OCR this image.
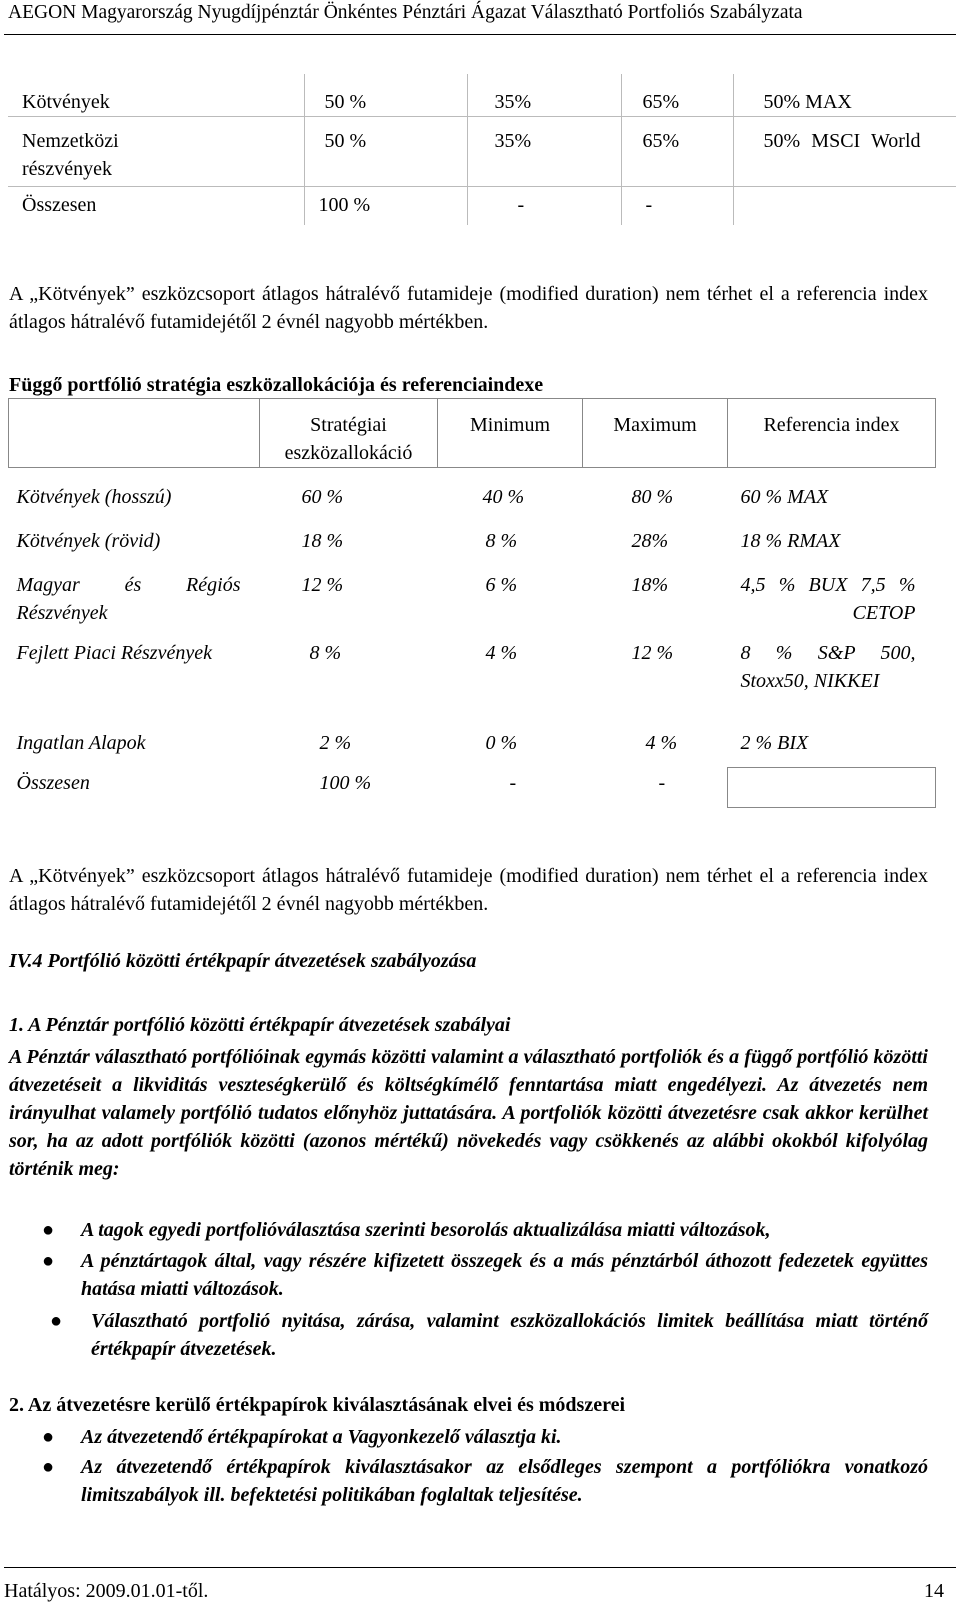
AEGON Magyarország Nyugdíjpénztár Önkéntes Pénztári Ágazat Választható Portfoliós Szabályzata
Kötvények	50 %	35%	65%	50% MAX

Nemzetközi részvények	50 %	35%	65%	50% MSCI World

Összesen	100 %	-	-	
A „Kötvények” eszközcsoport átlagos hátralévő futamideje (modified duration) nem térhet el a referencia index átlagos hátralévő futamidejétől 2 évnél nagyobb mértékben.
Függő portfólió stratégia eszközallokációja és referenciaindexe

	Stratégiai eszközallokáció	Minimum	Maximum	Referencia index
Kötvények (hosszú)	60 %	40 %	80 %	60 % MAX
Kötvények (rövid)	18 %	8 %	28%	18 % RMAX

Magyar és Régiós Részvények	12 %	6 %	18%	4,5 % BUX 7,5 % CETOP

Fejlett Piaci Részvények	8 %	4 %	12 %	8 % S&P 500, Stoxx50, NIKKEI

Ingatlan Alapok	2 %	0 %	4 %	2 % BIX
Összesen	100 %	-	-	
A „Kötvények” eszközcsoport átlagos hátralévő futamideje (modified duration) nem térhet el a referencia index átlagos hátralévő futamidejétől 2 évnél nagyobb mértékben.
IV.4 Portfólió közötti értékpapír átvezetések szabályozása
1. A Pénztár portfólió közötti értékpapír átvezetések szabályai
A Pénztár választható portfólióinak egymás közötti valamint a választható portfoliók és a függő portfólió közötti átvezetéseit a likviditás veszteségkerülő és költségkímélő fenntartása miatt engedélyezi. Az átvezetés nem irányulhat valamely portfólió tudatos előnyhöz juttatására. A portfoliók közötti átvezetésre csak akkor kerülhet sor, ha az adott portfóliók közötti (azonos mértékű) növekedés vagy csökkenés az alábbi okokból kifolyólag történik meg:
● A tagok egyedi portfolióválasztása szerinti besorolás aktualizálása miatti változások,
● A pénztártagok által, vagy részére kifizetett összegek és a más pénztárból áthozott fedezetek együttes hatása miatti változások.
● Választható portfolió nyitása, zárása, valamint eszközallokációs limitek beállítása miatt történő értékpapír átvezetések.
2. Az átvezetésre kerülő értékpapírok kiválasztásának elvei és módszerei
● Az átvezetendő értékpapírokat a Vagyonkezelő választja ki.
● Az átvezetendő értékpapírok kiválasztásakor az elsődleges szempont a portfóliókra vonatkozó limitszabályok ill. befektetési politikában foglaltak teljesítése.
Hatályos: 2009.01.01-től.	14
